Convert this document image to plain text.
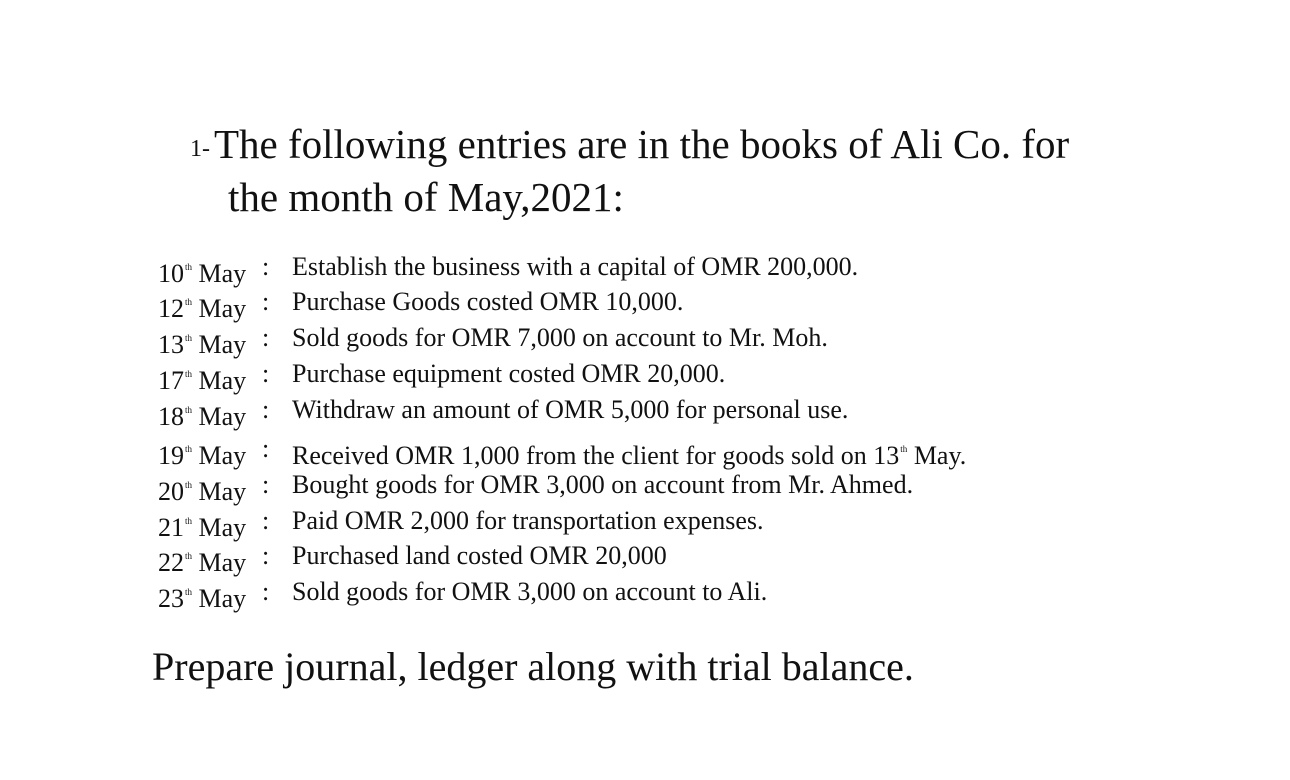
1-The following entries are in the books of Ali Co. for
the month of May,2021:
10th May : Establish the business with a capital of OMR 200,000.
12th May : Purchase Goods costed OMR 10,000.
13th May : Sold goods for OMR 7,000 on account to Mr. Moh.
17th May : Purchase equipment costed OMR 20,000.
18th May : Withdraw an amount of OMR 5,000 for personal use.
19th May : Received OMR 1,000 from the client for goods sold on 13th May.
20th May : Bought goods for OMR 3,000 on account from Mr. Ahmed.
21th May : Paid OMR 2,000 for transportation expenses.
22th May : Purchased land costed OMR 20,000
23th May : Sold goods for OMR 3,000 on account to Ali.
Prepare journal, ledger along with trial balance.
